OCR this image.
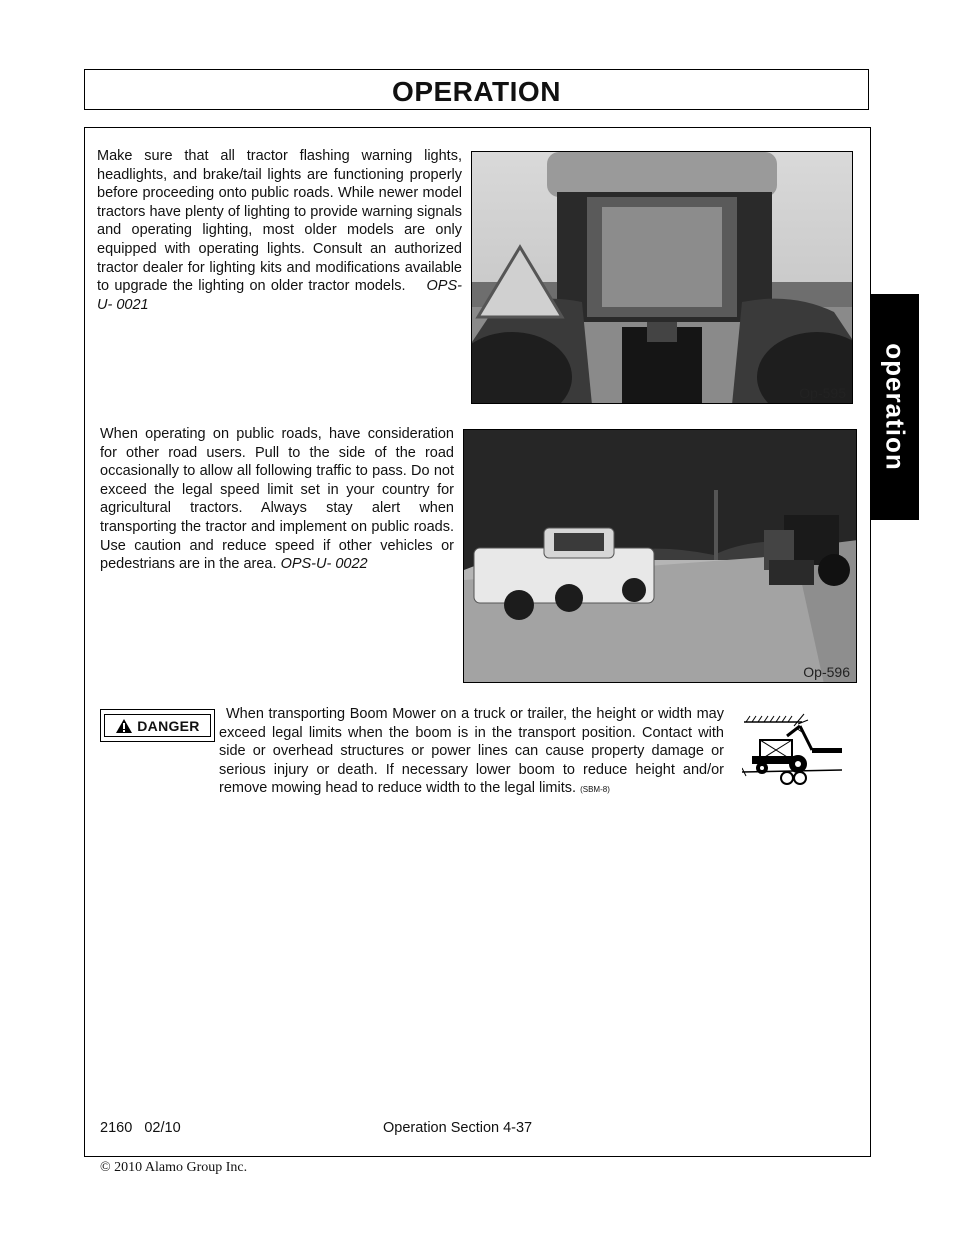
OPERATION
operation
Make sure that all tractor flashing warning lights, headlights, and brake/tail lights are functioning properly before proceeding onto public roads. While newer model tractors have plenty of lighting to provide warning signals and operating lighting, most older models are only equipped with operating lights. Consult an authorized tractor dealer for lighting kits and modifications available to upgrade the lighting on older tractor models. OPS-U- 0021
Op-595
When operating on public roads, have consideration for other road users. Pull to the side of the road occasionally to allow all following traffic to pass. Do not exceed the legal speed limit set in your country for agricultural tractors. Always stay alert when transporting the tractor and implement on public roads. Use caution and reduce speed if other vehicles or pedestrians are in the area. OPS-U- 0022
Op-596
DANGER
When transporting Boom Mower on a truck or trailer, the height or width may exceed legal limits when the boom is in the transport position. Contact with side or overhead structures or power lines can cause property damage or serious injury or death. If necessary lower boom to reduce height and/or remove mowing head to reduce width to the legal limits. (SBM-8)
2160   02/10	Operation Section 4-37
© 2010 Alamo Group Inc.
